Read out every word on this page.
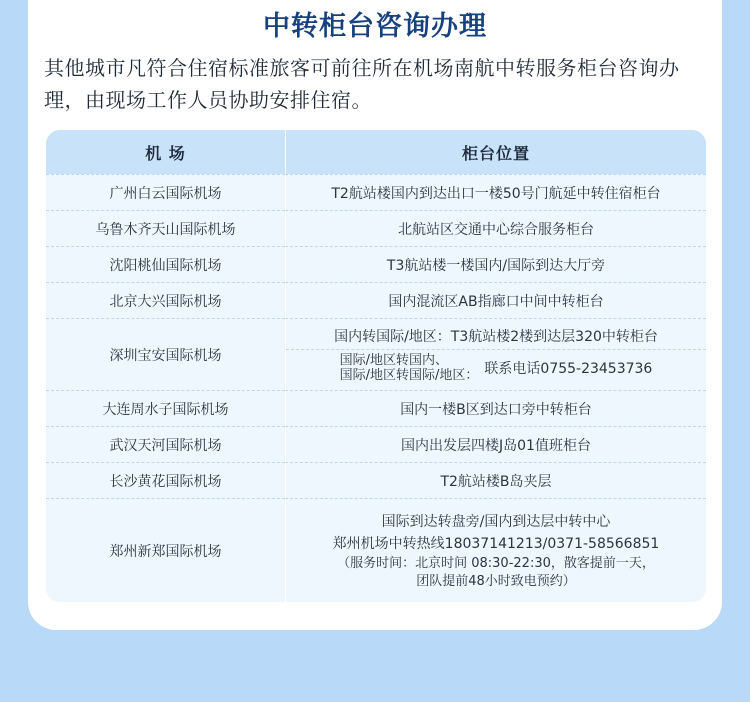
中转柜台咨询办理
其他城市凡符合住宿标准旅客可前往所在机场南航中转服务柜台咨询办理，由现场工作人员协助安排住宿。
机 场	柜台位置
广州白云国际机场	T2航站楼国内到达出口一楼50号门航延中转住宿柜台
乌鲁木齐天山国际机场	北航站区交通中心综合服务柜台
沈阳桃仙国际机场	T3航站楼一楼国内/国际到达大厅旁
北京大兴国际机场	国内混流区AB指廊口中间中转柜台
深圳宝安国际机场	国内转国际/地区：T3航站楼2楼到达层320中转柜台
国际/地区转国内、
国际/地区转国际/地区： 联系电话0755-23453736

大连周水子国际机场	国内一楼B区到达口旁中转柜台
武汉天河国际机场	国内出发层四楼J岛01值班柜台
长沙黄花国际机场	T2航站楼B岛夹层
郑州新郑国际机场	国际到达转盘旁/国内到达层中转中心
郑州机场中转热线18037141213/0371-58566851
（服务时间：北京时间 08:30-22:30，散客提前一天，
团队提前48小时致电预约）
